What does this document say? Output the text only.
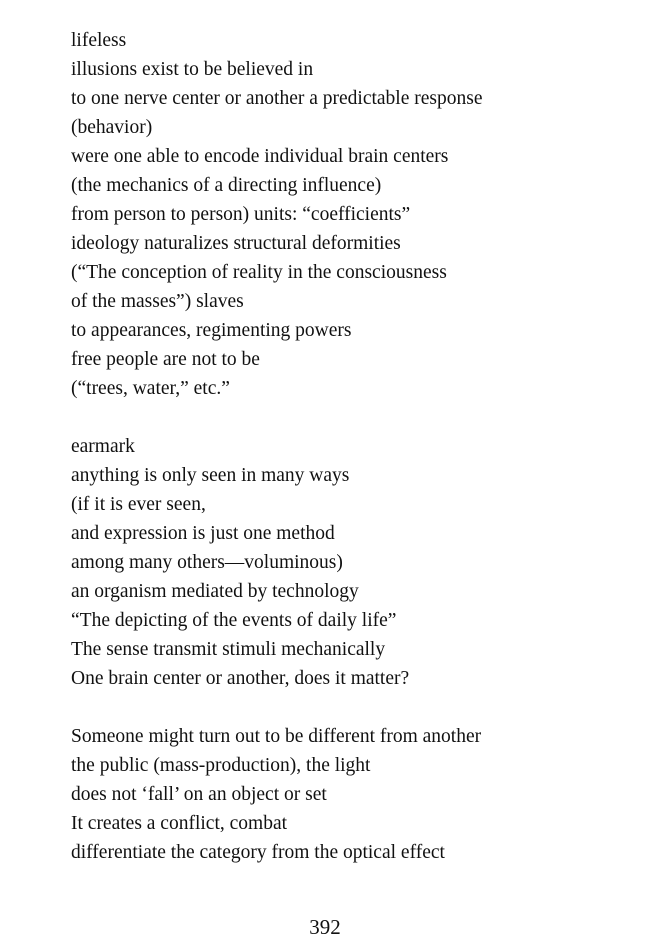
lifeless
illusions exist to be believed in
to one nerve center or another a predictable response
(behavior)
were one able to encode individual brain centers
(the mechanics of a directing influence)
from person to person) units: “coefficients”
ideology naturalizes structural deformities
(“The conception of reality in the consciousness
of the masses”) slaves
to appearances, regimenting powers
free people are not to be
(“trees, water,” etc.”
earmark
anything is only seen in many ways
(if it is ever seen,
and expression is just one method
among many others—voluminous)
an organism mediated by technology
“The depicting of the events of daily life”
The sense transmit stimuli mechanically
One brain center or another, does it matter?
Someone might turn out to be different from another
the public (mass-production), the light
does not ‘fall’ on an object or set
It creates a conflict, combat
differentiate the category from the optical effect
392
